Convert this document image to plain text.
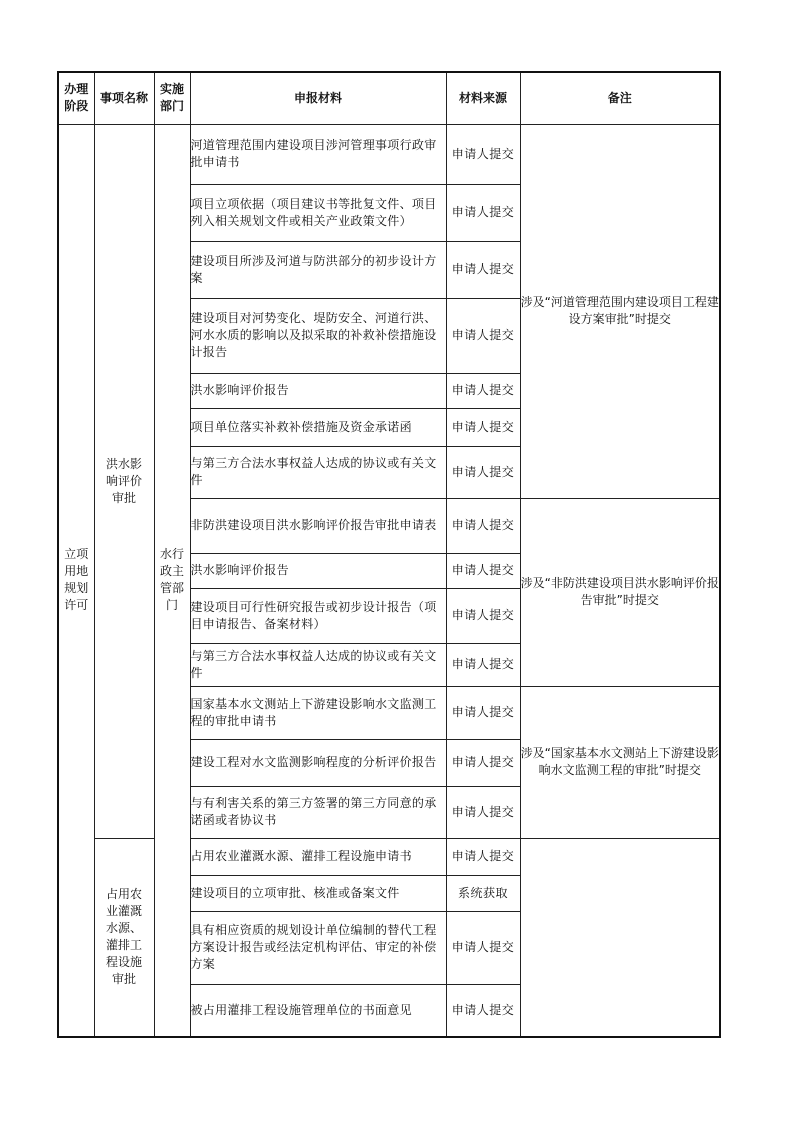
办理阶段	事项名称	实施部门	申报材料	材料来源	备注
立项用地规划许可	洪水影响评价审批	水行政主管部门	河道管理范围内建设项目涉河管理事项行政审批申请书	申请人提交	涉及“河道管理范围内建设项目工程建设方案审批”时提交
			项目立项依据（项目建议书等批复文件、项目列入相关规划文件或相关产业政策文件）	申请人提交	
			建设项目所涉及河道与防洪部分的初步设计方案	申请人提交	
			建设项目对河势变化、堤防安全、河道行洪、河水水质的影响以及拟采取的补救补偿措施设计报告	申请人提交	
			洪水影响评价报告	申请人提交	
			项目单位落实补救补偿措施及资金承诺函	申请人提交	
			与第三方合法水事权益人达成的协议或有关文件	申请人提交	
			非防洪建设项目洪水影响评价报告审批申请表	申请人提交	涉及“非防洪建设项目洪水影响评价报告审批”时提交
			洪水影响评价报告	申请人提交	
			建设项目可行性研究报告或初步设计报告（项目申请报告、备案材料）	申请人提交	
			与第三方合法水事权益人达成的协议或有关文件	申请人提交	
			国家基本水文测站上下游建设影响水文监测工程的审批申请书	申请人提交	涉及“国家基本水文测站上下游建设影响水文监测工程的审批”时提交
			建设工程对水文监测影响程度的分析评价报告	申请人提交	
			与有利害关系的第三方签署的第三方同意的承诺函或者协议书	申请人提交	
	占用农业灌溉水源、灌排工程设施审批		占用农业灌溉水源、灌排工程设施申请书	申请人提交	
			建设项目的立项审批、核准或备案文件	系统获取	
			具有相应资质的规划设计单位编制的替代工程方案设计报告或经法定机构评估、审定的补偿方案	申请人提交	
			被占用灌排工程设施管理单位的书面意见	申请人提交	
